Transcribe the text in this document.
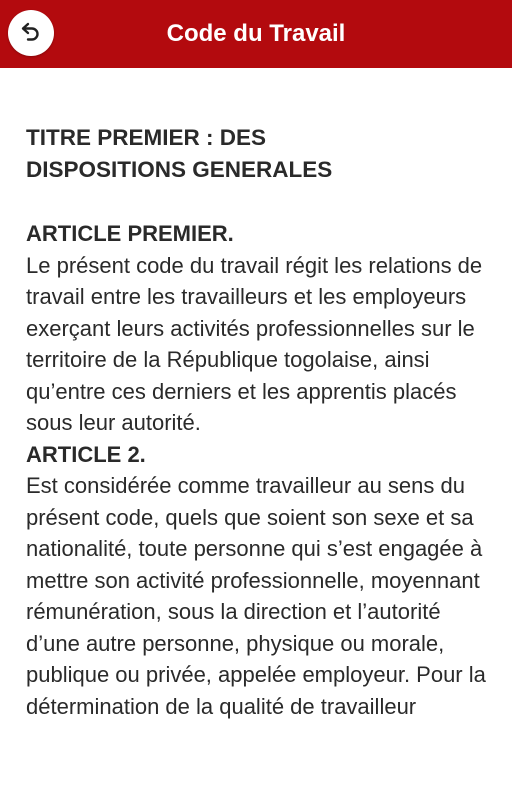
Code du Travail
TITRE PREMIER : DES
DISPOSITIONS GENERALES
ARTICLE PREMIER.

Le présent code du travail régit les relations de travail entre les travailleurs et les employeurs exerçant leurs activités professionnelles sur le territoire de la République togolaise, ainsi qu’entre ces derniers et les apprentis placés sous leur autorité.

ARTICLE 2.

Est considérée comme travailleur au sens du présent code, quels que soient son sexe et sa nationalité, toute personne qui s’est engagée à mettre son activité professionnelle, moyennant rémunération, sous la direction et l’autorité d’une autre personne, physique ou morale, publique ou privée, appelée employeur. Pour la détermination de la qualité de travailleur
